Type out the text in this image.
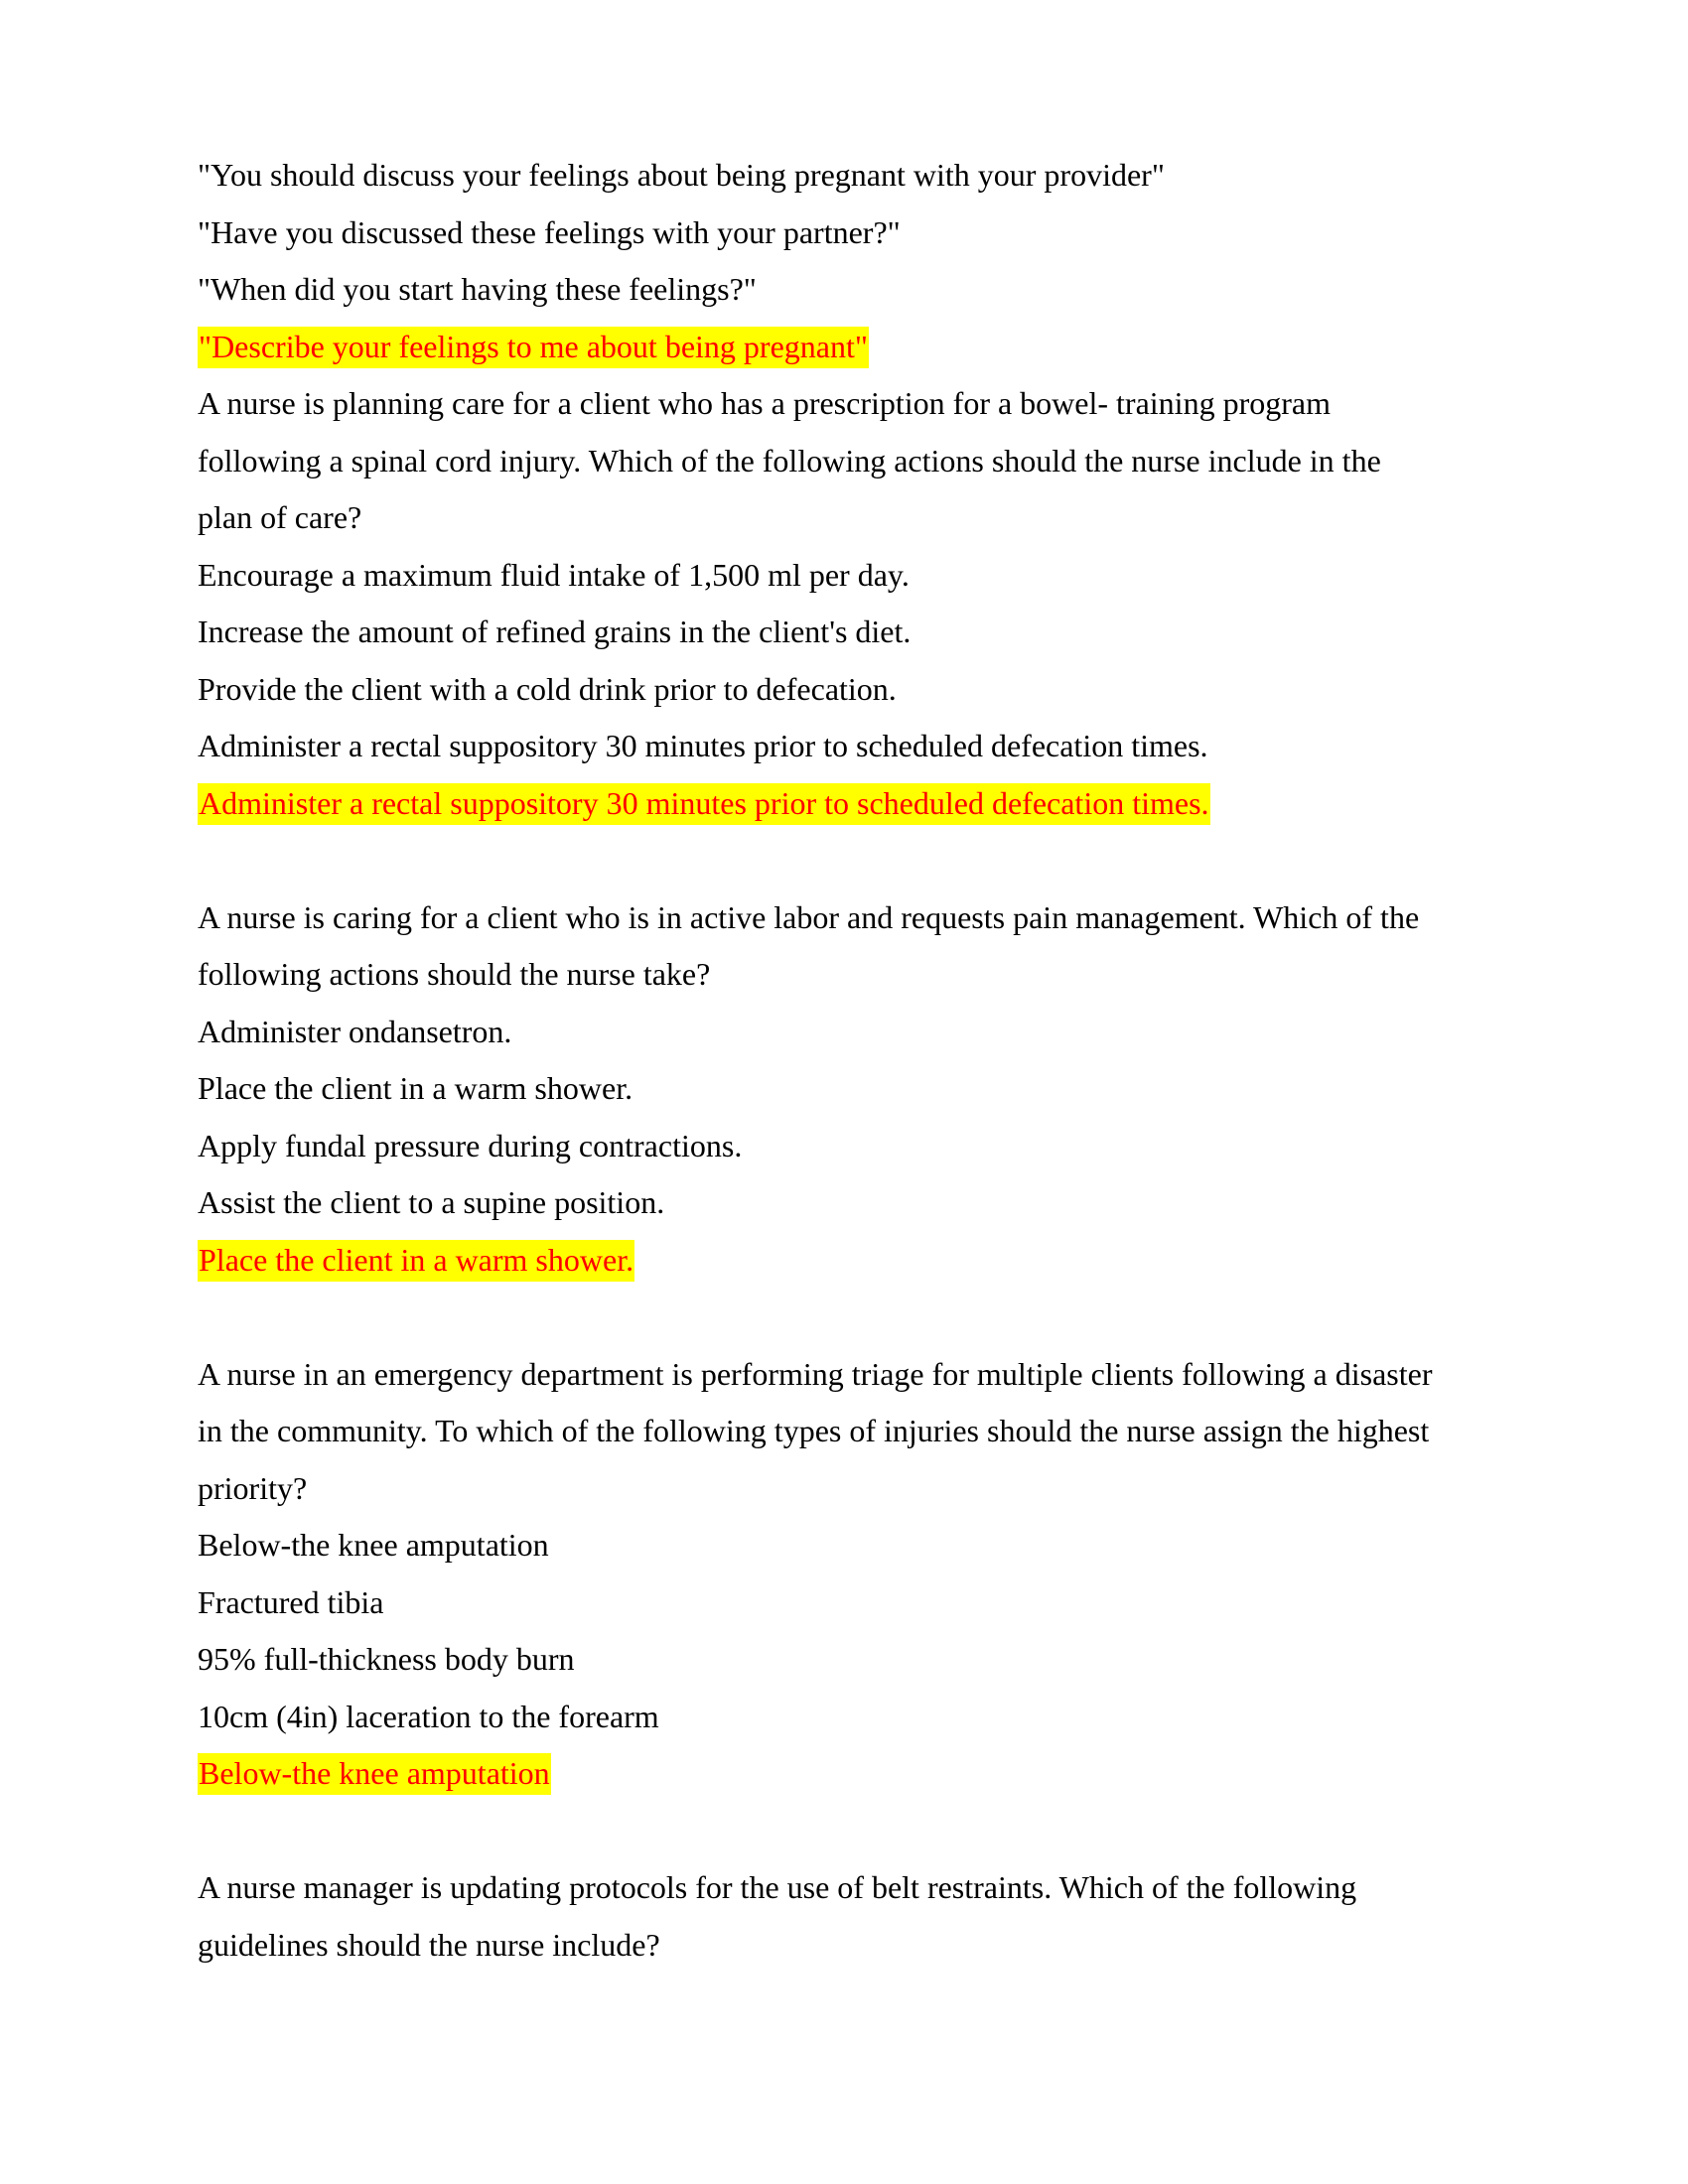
"You should discuss your feelings about being pregnant with your provider"
"Have you discussed these feelings with your partner?"
"When did you start having these feelings?"
"Describe your feelings to me about being pregnant"
A nurse is planning care for a client who has a prescription for a bowel- training program
following a spinal cord injury. Which of the following actions should the nurse include in the
plan of care?
Encourage a maximum fluid intake of 1,500 ml per day.
Increase the amount of refined grains in the client's diet.
Provide the client with a cold drink prior to defecation.
Administer a rectal suppository 30 minutes prior to scheduled defecation times.
Administer a rectal suppository 30 minutes prior to scheduled defecation times.
A nurse is caring for a client who is in active labor and requests pain management. Which of the
following actions should the nurse take?
Administer ondansetron.
Place the client in a warm shower.
Apply fundal pressure during contractions.
Assist the client to a supine position.
Place the client in a warm shower.
A nurse in an emergency department is performing triage for multiple clients following a disaster
in the community. To which of the following types of injuries should the nurse assign the highest
priority?
Below-the knee amputation
Fractured tibia
95% full-thickness body burn
10cm (4in) laceration to the forearm
Below-the knee amputation
A nurse manager is updating protocols for the use of belt restraints. Which of the following
guidelines should the nurse include?
